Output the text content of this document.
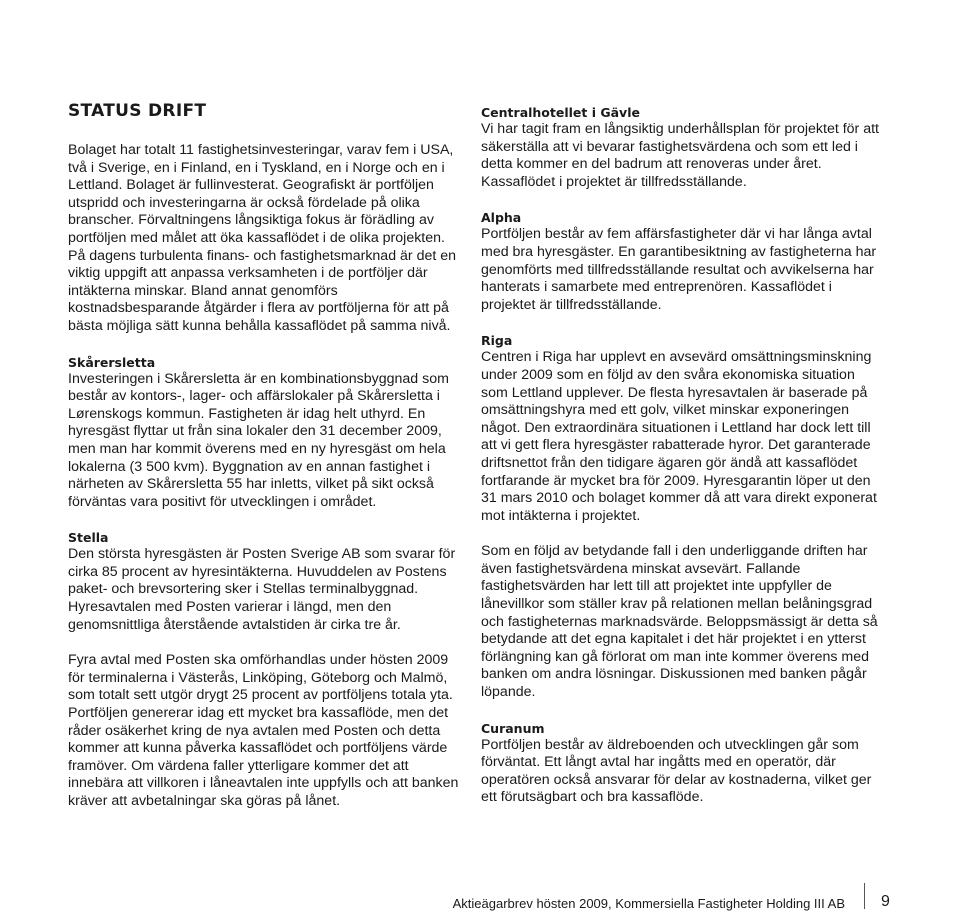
STATUS DRIFT

Bolaget har totalt 11 fastighetsinvesteringar, varav fem i USA, två i Sverige, en i Finland, en i Tyskland, en i Norge och en i Lettland. Bolaget är fullinvesterat. Geografiskt är portföljen utspridd och investeringarna är också fördelade på olika branscher. Förvaltningens långsiktiga fokus är förädling av portföljen med målet att öka kassaflödet i de olika projekten. På dagens turbulenta finans- och fastighetsmarknad är det en viktig uppgift att anpassa verksamheten i de portföljer där intäkterna minskar. Bland annat genomförs kostnadsbesparande åtgärder i flera av portföljerna för att på bästa möjliga sätt kunna behålla kassaflödet på samma nivå.

Skårersletta

Investeringen i Skårersletta är en kombinationsbyggnad som består av kontors-, lager- och affärslokaler på Skårersletta i Lørenskogs kommun. Fastigheten är idag helt uthyrd. En hyresgäst flyttar ut från sina lokaler den 31 december 2009, men man har kommit överens med en ny hyresgäst om hela lokalerna (3 500 kvm). Byggnation av en annan fastighet i närheten av Skårersletta 55 har inletts, vilket på sikt också förväntas vara positivt för utvecklingen i området.

Stella

Den största hyresgästen är Posten Sverige AB som svarar för cirka 85 procent av hyresintäkterna. Huvuddelen av Postens paket- och brevsortering sker i Stellas terminalbyggnad. Hyresavtalen med Posten varierar i längd, men den genomsnittliga återstående avtalstiden är cirka tre år.

Fyra avtal med Posten ska omförhandlas under hösten 2009 för terminalerna i Västerås, Linköping, Göteborg och Malmö, som totalt sett utgör drygt 25 procent av portföljens totala yta. Portföljen genererar idag ett mycket bra kassaflöde, men det råder osäkerhet kring de nya avtalen med Posten och detta kommer att kunna påverka kassaflödet och portföljens värde framöver. Om värdena faller ytterligare kommer det att innebära att villkoren i låneavtalen inte uppfylls och att banken kräver att avbetalningar ska göras på lånet.

Centralhotellet i Gävle

Vi har tagit fram en långsiktig underhållsplan för projektet för att säkerställa att vi bevarar fastighetsvärdena och som ett led i detta kommer en del badrum att renoveras under året. Kassaflödet i projektet är tillfredsställande.

Alpha

Portföljen består av fem affärsfastigheter där vi har långa avtal med bra hyresgäster. En garantibesiktning av fastigheterna har genomförts med tillfredsställande resultat och avvikelserna har hanterats i samarbete med entreprenören. Kassaflödet i projektet är tillfredsställande.

Riga

Centren i Riga har upplevt en avsevärd omsättningsminskning under 2009 som en följd av den svåra ekonomiska situation som Lettland upplever. De flesta hyresavtalen är baserade på omsättningshyra med ett golv, vilket minskar exponeringen något. Den extraordinära situationen i Lettland har dock lett till att vi gett flera hyresgäster rabatterade hyror. Det garanterade driftsnettot från den tidigare ägaren gör ändå att kassaflödet fortfarande är mycket bra för 2009. Hyresgarantin löper ut den 31 mars 2010 och bolaget kommer då att vara direkt exponerat mot intäkterna i projektet.

Som en följd av betydande fall i den underliggande driften har även fastighetsvärdena minskat avsevärt. Fallande fastighetsvärden har lett till att projektet inte uppfyller de lånevillkor som ställer krav på relationen mellan belåningsgrad och fastigheternas marknadsvärde. Beloppsmässigt är detta så betydande att det egna kapitalet i det här projektet i en ytterst förlängning kan gå förlorat om man inte kommer överens med banken om andra lösningar. Diskussionen med banken pågår löpande.

Curanum

Portföljen består av äldreboenden och utvecklingen går som förväntat. Ett långt avtal har ingåtts med en operatör, där operatören också ansvarar för delar av kostnaderna, vilket ger ett förutsägbart och bra kassaflöde.

Aktieägarbrev hösten 2009, Kommersiella Fastigheter Holding III AB 9
